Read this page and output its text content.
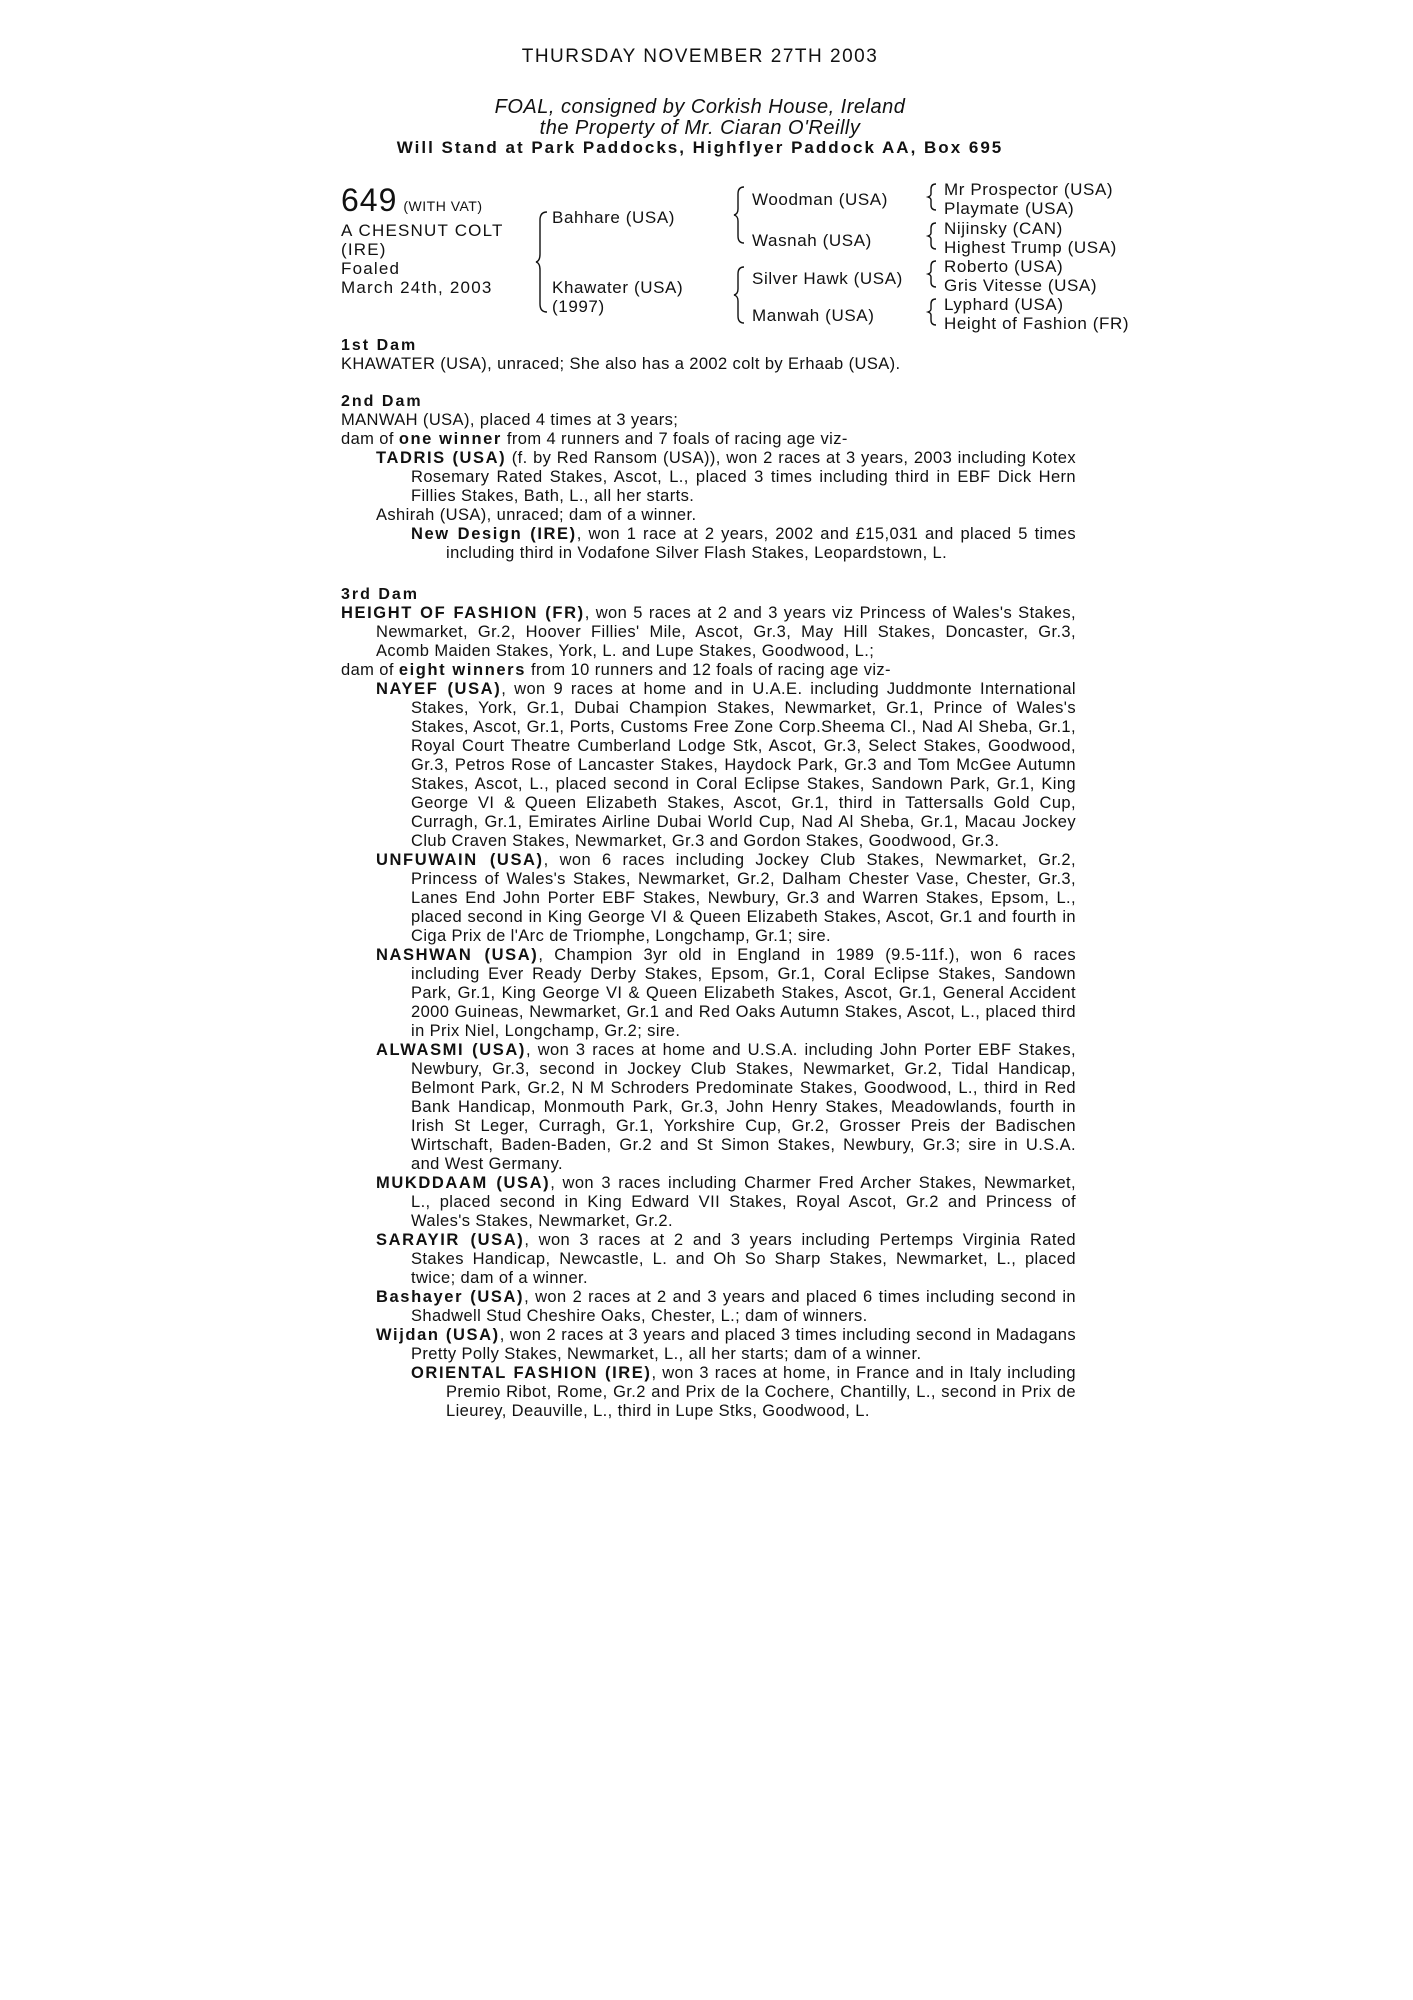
THURSDAY NOVEMBER 27TH 2003
FOAL, consigned by Corkish House, Ireland
the Property of Mr. Ciaran O'Reilly
Will Stand at Park Paddocks, Highflyer Paddock AA, Box 695
649 (WITH VAT)
A CHESNUT COLT
(IRE)
Foaled
March 24th, 2003
Bahhare (USA)
Khawater (USA)
(1997)
Woodman (USA)
Wasnah (USA)
Silver Hawk (USA)
Manwah (USA)
Mr Prospector (USA)
Playmate (USA)
Nijinsky (CAN)
Highest Trump (USA)
Roberto (USA)
Gris Vitesse (USA)
Lyphard (USA)
Height of Fashion (FR)
1st Dam
KHAWATER (USA), unraced; She also has a 2002 colt by Erhaab (USA).
2nd Dam
MANWAH (USA), placed 4 times at 3 years;
dam of one winner from 4 runners and 7 foals of racing age viz-
TADRIS (USA) (f. by Red Ransom (USA)), won 2 races at 3 years, 2003 including Kotex Rosemary Rated Stakes, Ascot, L., placed 3 times including third in EBF Dick Hern Fillies Stakes, Bath, L., all her starts.
Ashirah (USA), unraced; dam of a winner.
New Design (IRE), won 1 race at 2 years, 2002 and £15,031 and placed 5 times including third in Vodafone Silver Flash Stakes, Leopardstown, L.
3rd Dam
HEIGHT OF FASHION (FR), won 5 races at 2 and 3 years viz Princess of Wales's Stakes, Newmarket, Gr.2, Hoover Fillies' Mile, Ascot, Gr.3, May Hill Stakes, Doncaster, Gr.3, Acomb Maiden Stakes, York, L. and Lupe Stakes, Goodwood, L.;
dam of eight winners from 10 runners and 12 foals of racing age viz-
NAYEF (USA), won 9 races at home and in U.A.E. including Juddmonte International Stakes, York, Gr.1, Dubai Champion Stakes, Newmarket, Gr.1, Prince of Wales's Stakes, Ascot, Gr.1, Ports, Customs Free Zone Corp.Sheema Cl., Nad Al Sheba, Gr.1, Royal Court Theatre Cumberland Lodge Stk, Ascot, Gr.3, Select Stakes, Goodwood, Gr.3, Petros Rose of Lancaster Stakes, Haydock Park, Gr.3 and Tom McGee Autumn Stakes, Ascot, L., placed second in Coral Eclipse Stakes, Sandown Park, Gr.1, King George VI & Queen Elizabeth Stakes, Ascot, Gr.1, third in Tattersalls Gold Cup, Curragh, Gr.1, Emirates Airline Dubai World Cup, Nad Al Sheba, Gr.1, Macau Jockey Club Craven Stakes, Newmarket, Gr.3 and Gordon Stakes, Goodwood, Gr.3.
UNFUWAIN (USA), won 6 races including Jockey Club Stakes, Newmarket, Gr.2, Princess of Wales's Stakes, Newmarket, Gr.2, Dalham Chester Vase, Chester, Gr.3, Lanes End John Porter EBF Stakes, Newbury, Gr.3 and Warren Stakes, Epsom, L., placed second in King George VI & Queen Elizabeth Stakes, Ascot, Gr.1 and fourth in Ciga Prix de l'Arc de Triomphe, Longchamp, Gr.1; sire.
NASHWAN (USA), Champion 3yr old in England in 1989 (9.5-11f.), won 6 races including Ever Ready Derby Stakes, Epsom, Gr.1, Coral Eclipse Stakes, Sandown Park, Gr.1, King George VI & Queen Elizabeth Stakes, Ascot, Gr.1, General Accident 2000 Guineas, Newmarket, Gr.1 and Red Oaks Autumn Stakes, Ascot, L., placed third in Prix Niel, Longchamp, Gr.2; sire.
ALWASMI (USA), won 3 races at home and U.S.A. including John Porter EBF Stakes, Newbury, Gr.3, second in Jockey Club Stakes, Newmarket, Gr.2, Tidal Handicap, Belmont Park, Gr.2, N M Schroders Predominate Stakes, Goodwood, L., third in Red Bank Handicap, Monmouth Park, Gr.3, John Henry Stakes, Meadowlands, fourth in Irish St Leger, Curragh, Gr.1, Yorkshire Cup, Gr.2, Grosser Preis der Badischen Wirtschaft, Baden-Baden, Gr.2 and St Simon Stakes, Newbury, Gr.3; sire in U.S.A. and West Germany.
MUKDDAAM (USA), won 3 races including Charmer Fred Archer Stakes, Newmarket, L., placed second in King Edward VII Stakes, Royal Ascot, Gr.2 and Princess of Wales's Stakes, Newmarket, Gr.2.
SARAYIR (USA), won 3 races at 2 and 3 years including Pertemps Virginia Rated Stakes Handicap, Newcastle, L. and Oh So Sharp Stakes, Newmarket, L., placed twice; dam of a winner.
Bashayer (USA), won 2 races at 2 and 3 years and placed 6 times including second in Shadwell Stud Cheshire Oaks, Chester, L.; dam of winners.
Wijdan (USA), won 2 races at 3 years and placed 3 times including second in Madagans Pretty Polly Stakes, Newmarket, L., all her starts; dam of a winner.
ORIENTAL FASHION (IRE), won 3 races at home, in France and in Italy including Premio Ribot, Rome, Gr.2 and Prix de la Cochere, Chantilly, L., second in Prix de Lieurey, Deauville, L., third in Lupe Stks, Goodwood, L.
